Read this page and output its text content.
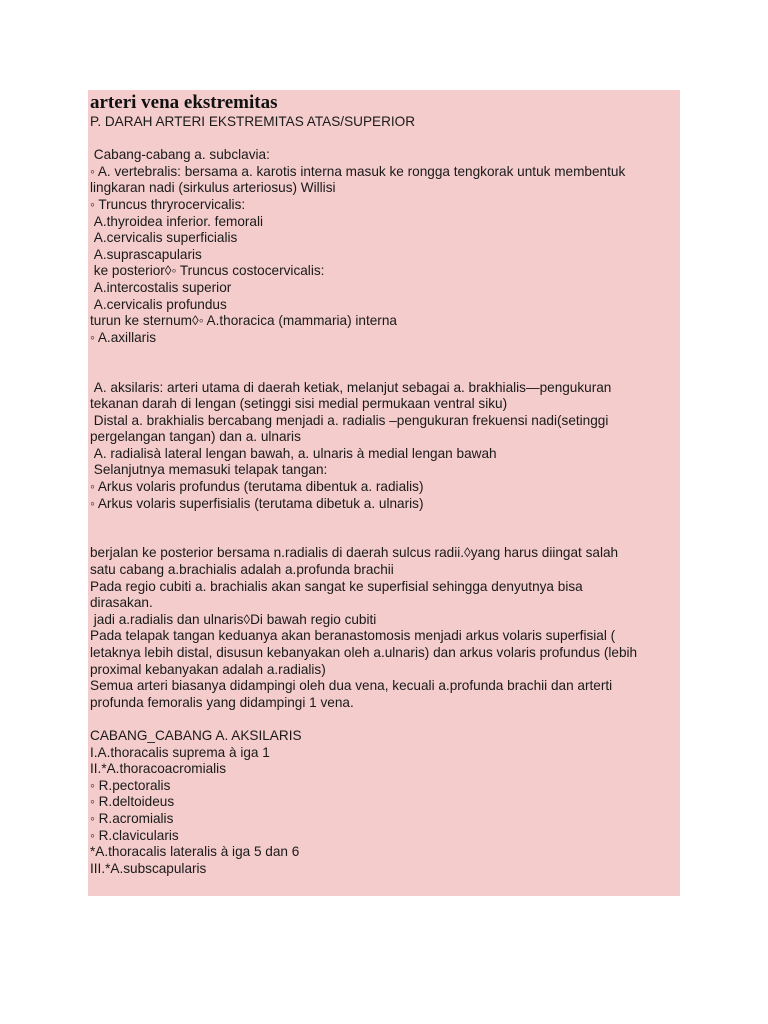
arteri vena ekstremitas

P. DARAH ARTERI EKSTREMITAS ATAS/SUPERIOR

Cabang-cabang a. subclavia:

◦ A. vertebralis: bersama a. karotis interna masuk ke rongga tengkorak untuk membentuk

lingkaran nadi (sirkulus arteriosus) Willisi

◦ Truncus thryrocervicalis:

A.thyroidea inferior. femorali

A.cervicalis superficialis

A.suprascapularis

ke posterior◊◦ Truncus costocervicalis:

A.intercostalis superior

A.cervicalis profundus

turun ke sternum◊◦ A.thoracica (mammaria) interna

◦ A.axillaris

A. aksilaris: arteri utama di daerah ketiak, melanjut sebagai a. brakhialis—pengukuran

tekanan darah di lengan (setinggi sisi medial permukaan ventral siku)

Distal a. brakhialis bercabang menjadi a. radialis –pengukuran frekuensi nadi(setinggi

pergelangan tangan) dan a. ulnaris

A. radialisà lateral lengan bawah, a. ulnaris à medial lengan bawah

Selanjutnya memasuki telapak tangan:

◦ Arkus volaris profundus (terutama dibentuk a. radialis)

◦ Arkus volaris superfisialis (terutama dibetuk a. ulnaris)

berjalan ke posterior bersama n.radialis di daerah sulcus radii.◊yang harus diingat salah

satu cabang a.brachialis adalah a.profunda brachii

Pada regio cubiti a. brachialis akan sangat ke superfisial sehingga denyutnya bisa

dirasakan.

jadi a.radialis dan ulnaris◊Di bawah regio cubiti

Pada telapak tangan keduanya akan beranastomosis menjadi arkus volaris superfisial (

letaknya lebih distal, disusun kebanyakan oleh a.ulnaris) dan arkus volaris profundus (lebih

proximal kebanyakan adalah a.radialis)

Semua arteri biasanya didampingi oleh dua vena, kecuali a.profunda brachii dan arterti

profunda femoralis yang didampingi 1 vena.

CABANG_CABANG A. AKSILARIS

I.A.thoracalis suprema à iga 1

II.*A.thoracoacromialis

◦ R.pectoralis

◦ R.deltoideus

◦ R.acromialis

◦ R.clavicularis

*A.thoracalis lateralis à iga 5 dan 6

III.*A.subscapularis
